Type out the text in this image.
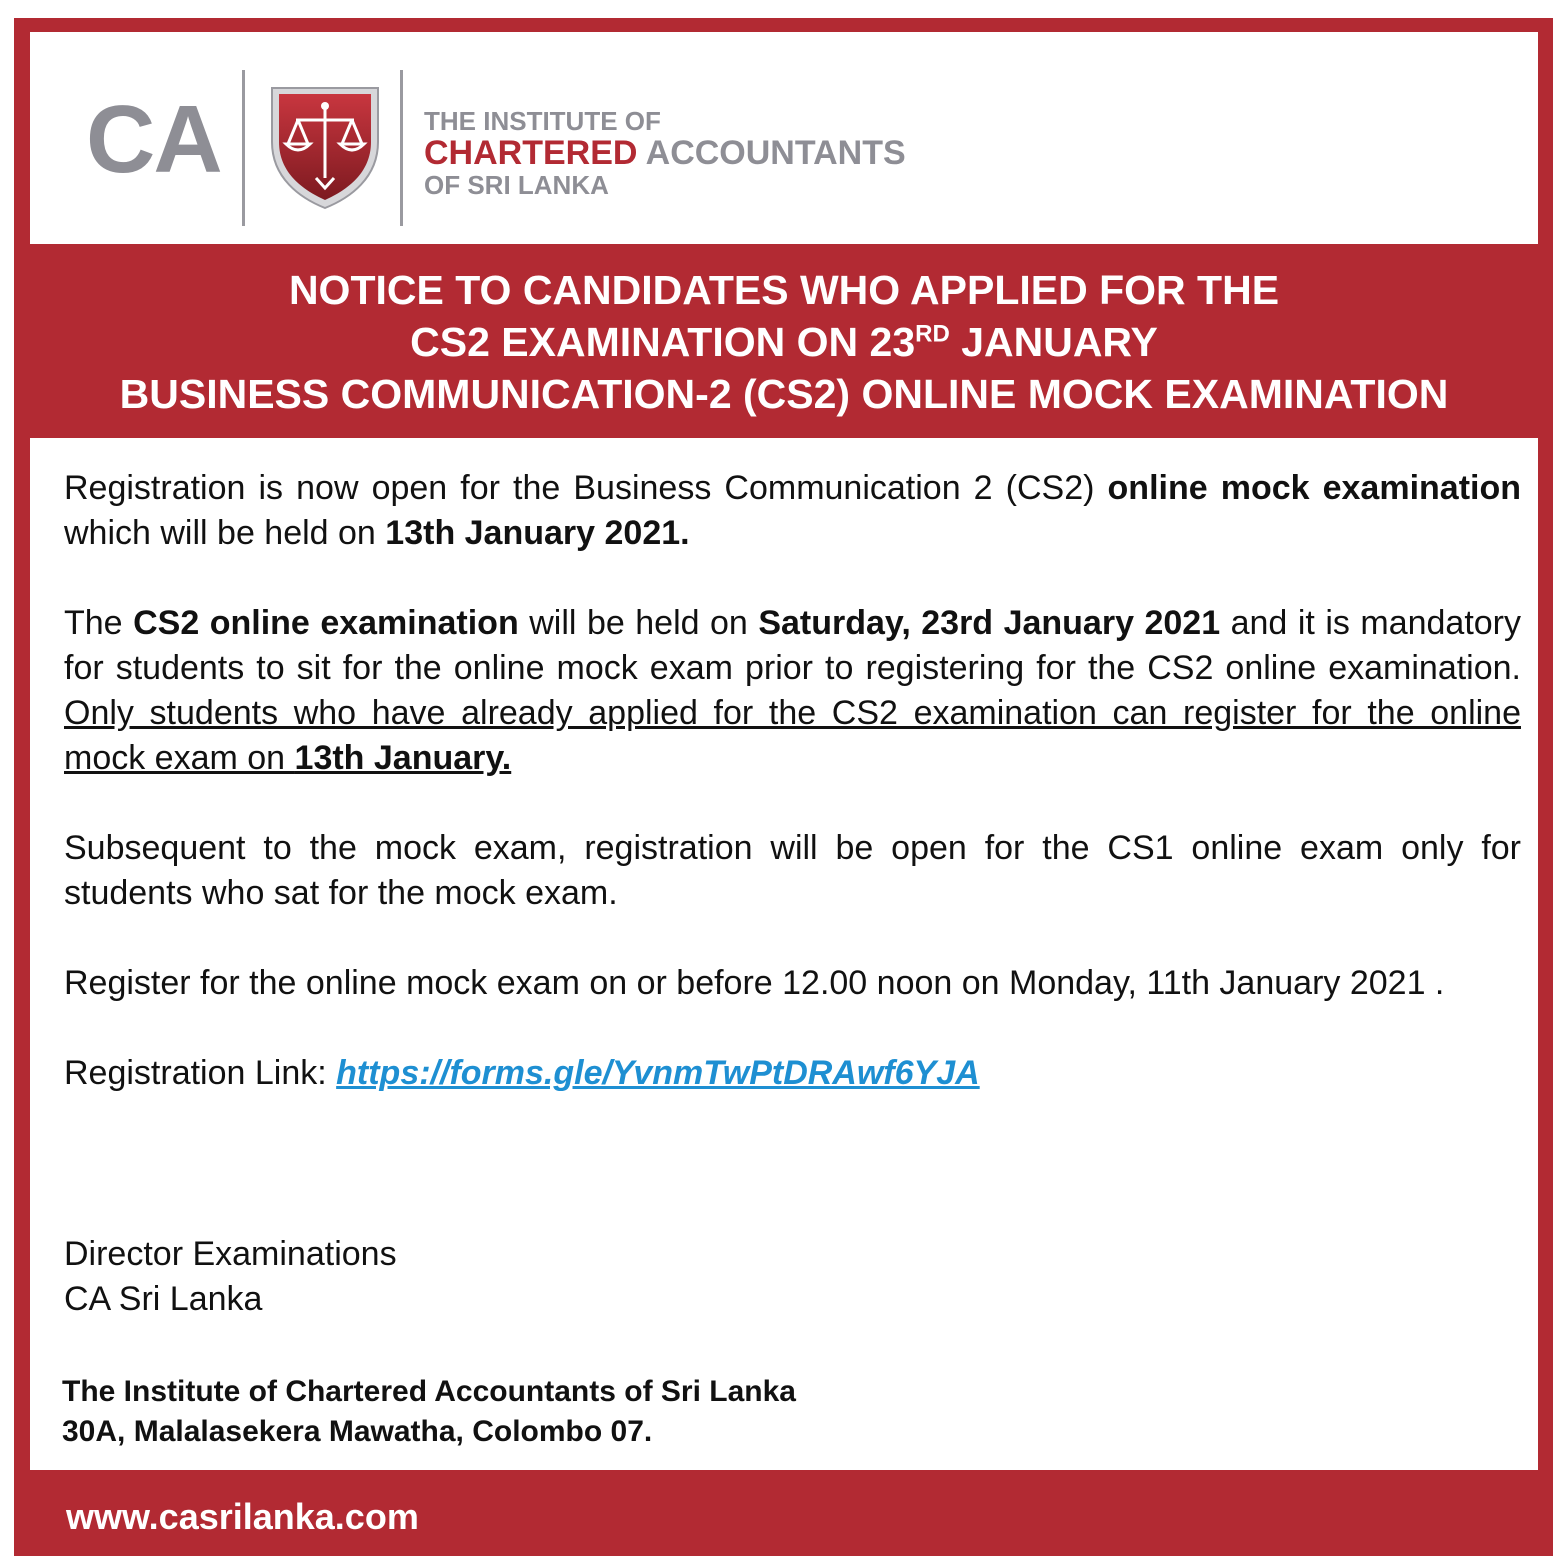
CA	THE INSTITUTE OF
CHARTERED ACCOUNTANTS
OF SRI LANKA
NOTICE TO CANDIDATES WHO APPLIED FOR THE
CS2 EXAMINATION ON 23RD JANUARY
BUSINESS COMMUNICATION-2 (CS2) ONLINE MOCK EXAMINATION

Registration is now open for the Business Communication 2 (CS2) online mock examination which will be held on 13th January 2021.

The CS2 online examination will be held on Saturday, 23rd January 2021 and it is mandatory for students to sit for the online mock exam prior to registering for the CS2 online examination. Only students who have already applied for the CS2 examination can register for the online mock exam on 13th January.

Subsequent to the mock exam, registration will be open for the CS1 online exam only for students who sat for the mock exam.

Register for the online mock exam on or before 12.00 noon on Monday, 11th January 2021 .

Registration Link: https://forms.gle/YvnmTwPtDRAwf6YJA

Director Examinations
CA Sri Lanka
The Institute of Chartered Accountants of Sri Lanka
30A, Malalasekera Mawatha, Colombo 07.
www.casrilanka.com
